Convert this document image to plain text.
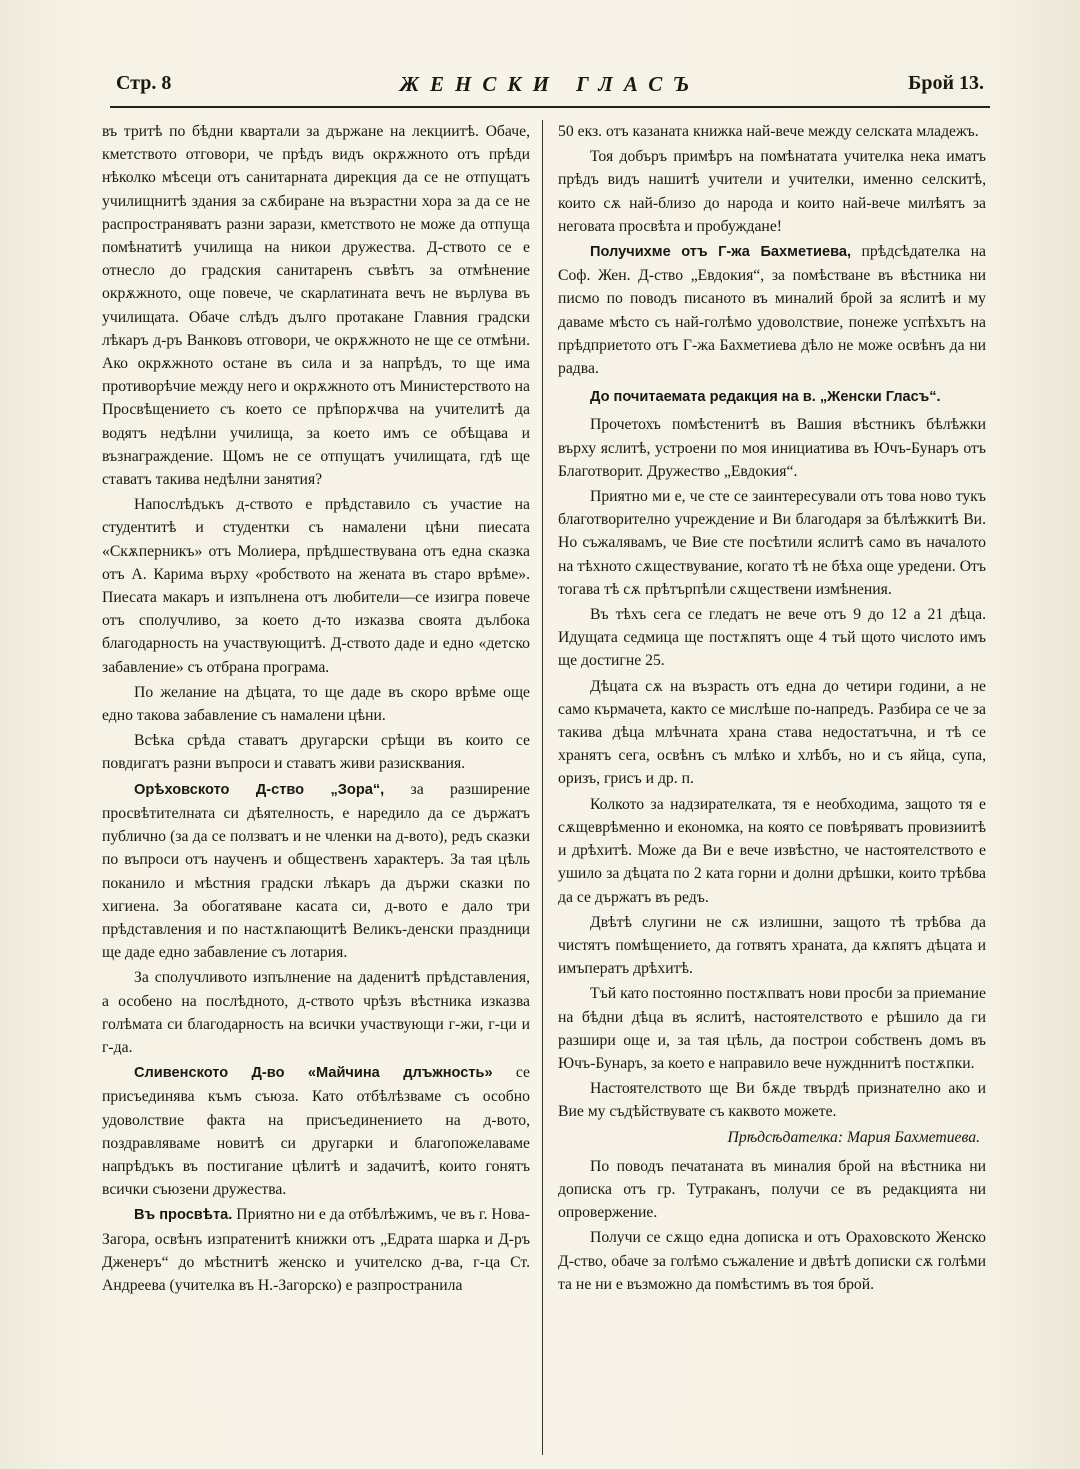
Стр. 8	ЖЕНСКИ ГЛАСЪ	Брой 13.

въ тритѣ по бѣдни квартали за държане на лекциитѣ. Обаче, кметството отговори, че прѣдъ видъ окрѫжното отъ прѣди нѣколко мѣсеци отъ санитарната дирекция да се не отпущатъ училищнитѣ здания за сѫбиране на възрастни хора за да се не распространяватъ разни зарази, кметството не може да отпуща помѣнатитѣ училища на никои дружества. Д-ството се е отнесло до градския санитаренъ съвѣтъ за отмѣнение окрѫжното, още повече, че скарлатината вечъ не върлува въ училищата. Обаче слѣдъ дълго протакане Главния градски лѣкаръ д-ръ Ванковъ отговори, че окрѫжното не ще се отмѣни. Ако окрѫжното остане въ сила и за напрѣдъ, то ще има противорѣчие между него и окрѫжното отъ Министерството на Просвѣщението съ което се прѣпорѫчва на учителитѣ да водятъ недѣлни училища, за което имъ се обѣщава и възнаграждение. Щомъ не се отпущатъ училищата, гдѣ ще ставатъ такива недѣлни занятия?

Напослѣдъкъ д-ството е прѣдставило съ участие на студентитѣ и студентки съ намалени цѣни пиесата «Скѫперникъ» отъ Молиера, прѣдшествувана отъ една сказка отъ А. Карима върху «робството на жената въ старо врѣме». Пиесата макаръ и изпълнена отъ любители—се изигра повече отъ сполучливо, за което д-то изказва своята дълбока благодарность на участвующитѣ. Д-ството даде и едно «детско забавление» съ отбрана програма.

По желание на дѣцата, то ще даде въ скоро врѣме още едно такова забавление съ намалени цѣни.

Всѣка срѣда ставатъ другарски срѣщи въ които се повдигатъ разни въпроси и ставатъ живи разисквания.

Орѣховското Д-ство „Зора“, за разширение просвѣтителната си дѣятелность, е наредило да се държатъ публично (за да се ползватъ и не членки на д-вото), редъ сказки по въпроси отъ наученъ и общественъ характеръ. За тая цѣль поканило и мѣстния градски лѣкаръ да държи сказки по хигиена. За обогатяване касата си, д-вото е дало три прѣдставления и по настѫпающитѣ Великъ-денски праздници ще даде едно забавление съ лотария.

За сполучливото изпълнение на даденитѣ прѣдставления, а особено на послѣдното, д-ството чрѣзъ вѣстника изказва голѣмата си благодарность на всички участвующи г-жи, г-ци и г-да.

Сливенското Д-во «Майчина длъжность» се присъединява къмъ съюза. Като отбѣлѣзваме съ особно удоволствие факта на присъединението на д-вото, поздравляваме новитѣ си другарки и благопожелаваме напрѣдъкъ въ постигание цѣлитѣ и задачитѣ, които гонятъ всички съюзени дружества.

Въ просвѣта. Приятно ни е да отбѣлѣжимъ, че въ г. Нова-Загора, освѣнъ изпратенитѣ книжки отъ „Едрата шарка и Д-ръ Дженеръ“ до мѣстнитѣ женско и учителско д-ва, г-ца Ст. Андреева (учителка въ Н.-Загорско) е разпространила

50 екз. отъ казаната книжка най-вече между селската младежъ.

Тоя добъръ примѣръ на помѣнатата учителка нека иматъ прѣдъ видъ нашитѣ учители и учителки, именно селскитѣ, които сѫ най-близо до народа и които най-вече милѣятъ за неговата просвѣта и пробуждане!

Получихме отъ Г-жа Бахметиева, прѣдсѣдателка на Соф. Жен. Д-ство „Евдокия“, за помѣстване въ вѣстника ни писмо по поводъ писаното въ миналий брой за яслитѣ и му даваме мѣсто съ най-голѣмо удоволствие, понеже успѣхътъ на прѣдприетото отъ Г-жа Бахметиева дѣло не може освѣнъ да ни радва.

До почитаемата редакция на в. „Женски Гласъ“.

Прочетохъ помѣстенитѣ въ Вашия вѣстникъ бѣлѣжки върху яслитѣ, устроени по моя инициатива въ Ючъ-Бунаръ отъ Благотворит. Дружество „Евдокия“.

Приятно ми е, че сте се заинтересували отъ това ново тукъ благотворително учреждение и Ви благодаря за бѣлѣжкитѣ Ви. Но съжалявамъ, че Вие сте посѣтили яслитѣ само въ началото на тѣхното сѫществувание, когато тѣ не бѣха още уредени. Отъ тогава тѣ сѫ прѣтърпѣли сѫществени измѣнения.

Въ тѣхъ сега се гледатъ не вече отъ 9 до 12 а 21 дѣца. Идущата седмица ще постѫпятъ още 4 тъй щото числото имъ ще достигне 25.

Дѣцата сѫ на възрасть отъ една до четири години, а не само кърмачета, както се мислѣше по-напредъ. Разбира се че за такива дѣца млѣчната храна става недостатъчна, и тѣ се хранятъ сега, освѣнъ съ млѣко и хлѣбъ, но и съ яйца, супа, оризъ, грисъ и др. п.

Колкото за надзирателката, тя е необходима, защото тя е сѫщеврѣменно и економка, на която се повѣряватъ провизиитѣ и дрѣхитѣ. Може да Ви е вече извѣстно, че настоятелството е ушило за дѣцата по 2 ката горни и долни дрѣшки, които трѣбва да се държатъ въ редъ.

Двѣтѣ слугини не сѫ излишни, защото тѣ трѣбва да чистятъ помѣщението, да готвятъ храната, да кѫпятъ дѣцата и имъператъ дрѣхитѣ.

Тъй като постоянно постѫпватъ нови просби за приемание на бѣдни дѣца въ яслитѣ, настоятелството е рѣшило да ги разшири още и, за тая цѣль, да построи собственъ домъ въ Ючъ-Бунаръ, за което е направило вече нуждннитѣ постѫпки.

Настоятелството ще Ви бѫде твърдѣ признателно ако и Вие му съдѣйствувате съ каквото можете.

Прѣдсѣдателка: Мария Бахметиева.

По поводъ печатаната въ миналия брой на вѣстника ни дописка отъ гр. Тутраканъ, получи се въ редакцията ни опровержение.

Получи се сѫщо една дописка и отъ Ораховското Женско Д-ство, обаче за голѣмо съжаление и двѣтѣ дописки сѫ голѣми та не ни е възможно да помѣстимъ въ тоя брой.
